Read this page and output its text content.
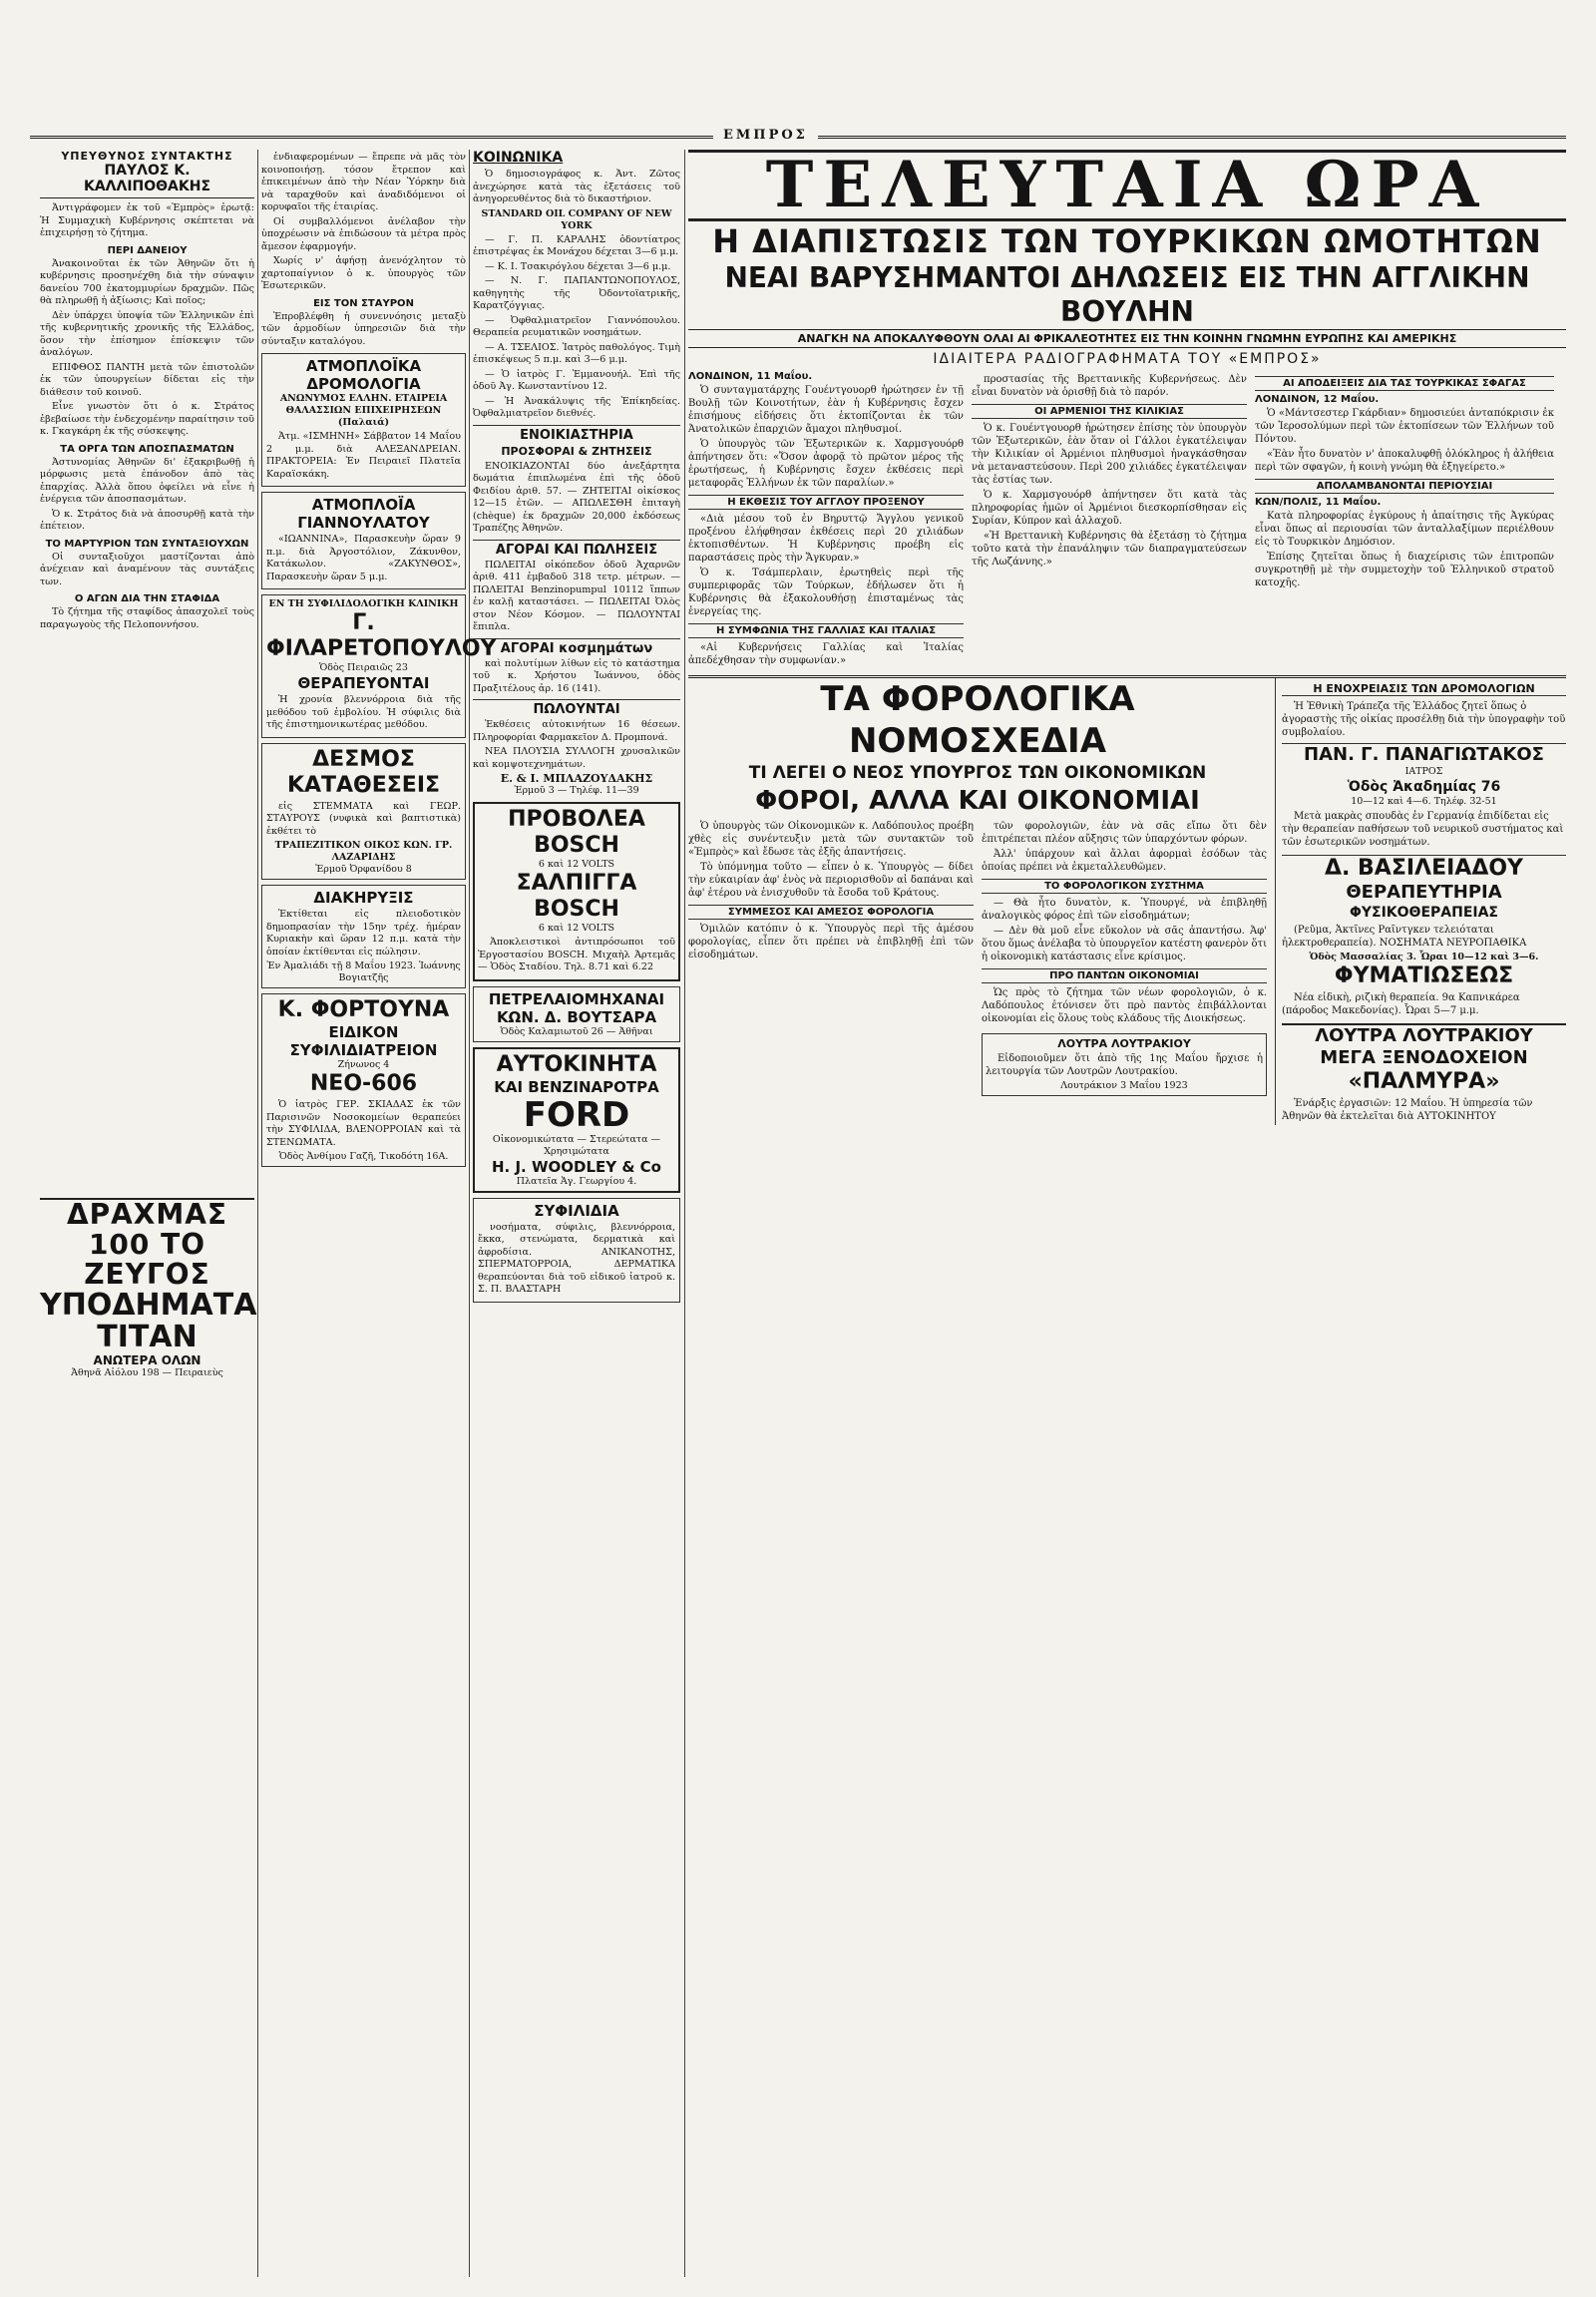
ΕΜΠΡΟΣ
ΥΠΕΥΘΥΝΟΣ ΣΥΝΤΑΚΤΗΣ
ΠΑΥΛΟΣ Κ. ΚΑΛΛΙΠΟΘΑΚΗΣ

Ἀντιγράφομεν ἐκ τοῦ «Ἐμπρὸς» ἐρωτᾷ: Ἡ Συμμαχικὴ Κυβέρνησις σκέπτεται νὰ ἐπιχειρήσῃ τὸ ζήτημα.

ΠΕΡΙ ΔΑΝΕΙΟΥ

Ἀνακοινοῦται ἐκ τῶν Ἀθηνῶν ὅτι ἡ κυβέρνησις προσηνέχθη διὰ τὴν σύναψιν δανείου 700 ἑκατομμυρίων δραχμῶν. Πῶς θὰ πληρωθῇ ἡ ἀξίωσις; Καὶ ποῖος;

Δὲν ὑπάρχει ὑποψία τῶν Ἑλληνικῶν ἐπὶ τῆς κυβερνητικῆς χρονικῆς τῆς Ἑλλάδος, ὅσον τὴν ἐπίσημον ἐπίσκεψιν τῶν ἀναλόγων.

ΕΠΙΦΘΟΣ ΠΑΝΤΗ μετὰ τῶν ἐπιστολῶν ἐκ τῶν ὑπουργείων δίδεται εἰς τὴν διάθεσιν τοῦ κοινοῦ.

Εἶνε γνωστὸν ὅτι ὁ κ. Στράτος ἐβεβαίωσε τὴν ἐνδεχομένην παραίτησιν τοῦ κ. Γκαγκάρη ἐκ τῆς σύσκεψης.

ΤΑ ΟΡΓΑ ΤΩΝ ΑΠΟΣΠΑΣΜΑΤΩΝ

Ἀστυνομίας Ἀθηνῶν δι' ἐξακριβωθῇ ἡ μόρφωσις μετὰ ἐπάνοδον ἀπὸ τὰς ἐπαρχίας. Ἀλλὰ ὅπου ὀφείλει νὰ εἶνε ἡ ἐνέργεια τῶν ἀποσπασμάτων.

Ὁ κ. Στράτος διὰ νὰ ἀποσυρθῇ κατὰ τὴν ἐπέτειον.

ΤΟ ΜΑΡΤΥΡΙΟΝ ΤΩΝ ΣΥΝΤΑΞΙΟΥΧΩΝ

Οἱ συνταξιοῦχοι μαστίζονται ἀπὸ ἀνέχειαν καὶ ἀναμένουν τὰς συντάξεις των.

Ο ΑΓΩΝ ΔΙΑ ΤΗΝ ΣΤΑΦΙΔΑ

Τὸ ζήτημα τῆς σταφίδος ἀπασχολεῖ τοὺς παραγωγοὺς τῆς Πελοποννήσου.

ΔΡΑΧΜΑΣ 100 ΤΟ ΖΕΥΓΟΣ
ΥΠΟΔΗΜΑΤΑ ΤΙΤΑΝ
ΑΝΩΤΕΡΑ ΟΛΩΝ
Ἀθηνᾶ Αἰόλου 198 — Πειραιεὺς

ἐνδιαφερομένων — ἔπρεπε νὰ μᾶς τὸν κοινοποιήσῃ. τόσον ἔτρεπον καὶ ἐπικειμένων ἀπὸ τὴν Νέαν Ὑόρκην διὰ νὰ ταραχθοῦν καὶ ἀναδιδόμενοι οἱ κορυφαῖοι τῆς ἑταιρίας.

Οἱ συμβαλλόμενοι ἀνέλαβον τὴν ὑποχρέωσιν νὰ ἐπιδώσουν τὰ μέτρα πρὸς ἄμεσον ἐφαρμογήν.

Χωρίς ν' ἀφήσῃ ἀνενόχλητον τὸ χαρτοπαίγνιον ὁ κ. ὑπουργὸς τῶν Ἐσωτερικῶν.

ΕΙΣ ΤΟΝ ΣΤΑΥΡΟΝ

Ἐπροβλέφθη ἡ συνεννόησις μεταξὺ τῶν ἁρμοδίων ὑπηρεσιῶν διὰ τὴν σύνταξιν καταλόγου.

ΑΤΜΟΠΛΟΪΚΑ ΔΡΟΜΟΛΟΓΙΑ
ΑΝΩΝΥΜΟΣ ΕΛΛΗΝ. ΕΤΑΙΡΕΙΑ
ΘΑΛΑΣΣΙΩΝ ΕΠΙΧΕΙΡΗΣΕΩΝ (Παλαιά)

Ἀτμ. «ΙΣΜΗΝΗ» Σάββατον 14 Μαΐου 2 μ.μ. διὰ ΑΛΕΞΑΝΔΡΕΙΑΝ. ΠΡΑΚΤΟΡΕΙΑ: Ἐν Πειραιεῖ Πλατεῖα Καραϊσκάκη.

ΑΤΜΟΠΛΟΪΑ ΓΙΑΝΝΟΥΛΑΤΟΥ

«ΙΩΑΝΝΙΝΑ», Παρασκευὴν ὥραν 9 π.μ. διὰ Ἀργοστόλιον, Ζάκυνθον, Κατάκωλον. «ΖΑΚΥΝΘΟΣ», Παρασκευὴν ὥραν 5 μ.μ.

ΕΝ ΤΗ ΣΥΦΙΛΙΔΟΛΟΓΙΚΗ ΚΛΙΝΙΚΗ
Γ. ΦΙΛΑΡΕΤΟΠΟΥΛΟΥ
Ὁδὸς Πειραιῶς 23
ΘΕΡΑΠΕΥΟΝΤΑΙ

Ἡ χρονία βλεννόρροια διὰ τῆς μεθόδου τοῦ ἐμβολίου. Ἡ σύφιλις διὰ τῆς ἐπιστημονικωτέρας μεθόδου.

ΔΕΣΜΟΣ ΚΑΤΑΘΕΣΕΙΣ

εἰς ΣΤΕΜΜΑΤΑ καὶ ΓΕΩΡ. ΣΤΑΥΡΟΥΣ (νυφικὰ καὶ βαπτιστικὰ) ἐκθέτει τὸ

ΤΡΑΠΕΖΙΤΙΚΟΝ ΟΙΚΟΣ ΚΩΝ. ΓΡ. ΛΑΖΑΡΙΔΗΣ
Ἐρμοῦ Ὀρφανίδου 8
ΔΙΑΚΗΡΥΞΙΣ

Ἐκτίθεται εἰς πλειοδοτικὸν δημοπρασίαν τὴν 15ην τρέχ. ἡμέραν Κυριακὴν καὶ ὥραν 12 π.μ. κατὰ τὴν ὁποίαν ἐκτίθενται εἰς πώλησιν.

Ἐν Ἀμαλιάδι τῇ 8 Μαΐου 1923. Ἰωάννης Βογιατζῆς
Κ. ΦΟΡΤΟΥΝΑ
ΕΙΔΙΚΟΝ ΣΥΦΙΛΙΔΙΑΤΡΕΙΟΝ
Ζήνωνος 4
ΝΕΟ-606

Ὁ ἰατρὸς ΓΕΡ. ΣΚΙΑΔΑΣ ἐκ τῶν Παρισινῶν Νοσοκομείων θεραπεύει τὴν ΣΥΦΙΛΙΔΑ, ΒΛΕΝΟΡΡΟΙΑΝ καὶ τὰ ΣΤΕΝΩΜΑΤΑ.

Ὁδὸς Ἀνθίμου Γαζῆ, Τικοδότη 16Α.
ΚΟΙΝΩΝΙΚΑ

Ὁ δημοσιογράφος κ. Ἀντ. Ζῶτος ἀνεχώρησε κατὰ τὰς ἐξετάσεις τοῦ ἀνηγορευθέντος διὰ τὸ δικαστήριον.

STANDARD OIL COMPANY OF NEW YORK

— Γ. Π. ΚΑΡΑΛΗΣ ὀδοντίατρος ἐπιστρέψας ἐκ Μονάχου δέχεται 3—6 μ.μ.

— Κ. Ι. Τσακιρόγλου δέχεται 3—6 μ.μ.

— Ν. Γ. ΠΑΠΑΝΤΩΝΟΠΟΥΛΟΣ, καθηγητὴς τῆς Ὀδοντοϊατρικῆς, Καρατζόγγιας.

— Ὀφθαλμιατρεῖον Γιαννόπουλου. Θεραπεία ρευματικῶν νοσημάτων.

— Α. ΤΣΕΛΙΟΣ. Ἰατρὸς παθολόγος. Τιμὴ ἐπισκέψεως 5 π.μ. καὶ 3—6 μ.μ.

— Ὁ ἰατρὸς Γ. Ἐμμανουήλ. Ἐπὶ τῆς ὁδοῦ Ἀγ. Κωνσταντίνου 12.

— Ἡ Ἀνακάλυψις τῆς Ἐπίκηδείας. Ὀφθαλμιατρεῖον διεθνές.

ΕΝΟΙΚΙΑΣΤΗΡΙΑ
ΠΡΟΣΦΟΡΑΙ & ΖΗΤΗΣΕΙΣ

ΕΝΟΙΚΙΑΖΟΝΤΑΙ δύο ἀνεξάρτητα δωμάτια ἐπιπλωμένα ἐπὶ τῆς ὁδοῦ Φειδίου ἀριθ. 57. — ΖΗΤΕΙΤΑΙ οἰκίσκος 12—15 ἐτῶν. — ΑΠΩΛΕΣΘΗ ἐπιταγὴ (chèque) ἐκ δραχμῶν 20,000 ἐκδόσεως Τραπέζης Ἀθηνῶν.

ΑΓΟΡΑΙ ΚΑΙ ΠΩΛΗΣΕΙΣ

ΠΩΛΕΙΤΑΙ οἰκόπεδον ὁδοῦ Ἀχαρνῶν ἀριθ. 411 ἐμβαδοῦ 318 τετρ. μέτρων. — ΠΩΛΕΙΤΑΙ Benzinopumpul 10112 ἵππων ἐν καλῇ καταστάσει. — ΠΩΛΕΙΤΑΙ Ὀλὸς στον Νέον Κόσμον. — ΠΩΛΟΥΝΤΑΙ ἔπιπλα.

ΑΓΟΡΑΙ κοσμημάτων

καὶ πολυτίμων λίθων εἰς τὸ κατάστημα τοῦ κ. Χρήστου Ἰωάννου, ὁδὸς Πραξιτέλους ἀρ. 16 (141).

ΠΩΛΟΥΝΤΑΙ

Ἐκθέσεις αὐτοκινήτων 16 θέσεων. Πληροφορίαι Φαρμακεῖον Δ. Προμπονά.

ΝΕΑ ΠΛΟΥΣΙΑ ΣΥΛΛΟΓΗ χρυσαλικῶν καὶ κομψοτεχνημάτων.

Ε. & Ι. ΜΠΛΑΖΟΥΔΑΚΗΣ
Ἐρμοῦ 3 — Τηλέφ. 11—39
ΠΡΟΒΟΛΕΑ BOSCH
6 καὶ 12 VOLTS
ΣΑΛΠΙΓΓΑ BOSCH
6 καὶ 12 VOLTS

Ἀποκλειστικοὶ ἀντιπρόσωποι τοῦ Ἐργοστασίου BOSCH. Μιχαὴλ Ἀρτεμᾶς — Ὁδὸς Σταδίου. Τηλ. 8.71 καὶ 6.22

ΠΕΤΡΕΛΑΙΟΜΗΧΑΝΑΙ
ΚΩΝ. Δ. ΒΟΥΤΣΑΡΑ
Ὁδὸς Καλαμιωτοῦ 26 — Ἀθῆναι
ΑΥΤΟΚΙΝΗΤΑ
ΚΑΙ ΒΕΝΖΙΝΑΡΟΤΡΑ
FORD
Οἰκονομικώτατα — Στερεώτατα — Χρησιμώτατα
H. J. WOODLEY & Co
Πλατεῖα Ἁγ. Γεωργίου 4.
ΣΥΦΙΛΙΔΙΑ

νοσήματα, σύφιλις, βλεννόρροια, ἔκκα, στενώματα, δερματικὰ καὶ ἀφροδίσια. ΑΝΙΚΑΝΟΤΗΣ, ΣΠΕΡΜΑΤΟΡΡΟΙΑ, ΔΕΡΜΑΤΙΚΑ θεραπεύονται διὰ τοῦ εἰδικοῦ ἰατροῦ κ. Σ. Π. ΒΛΑΣΤΑΡΗ

ΤΕΛΕΥΤΑΙΑ ΩΡΑ
Η ΔΙΑΠΙΣΤΩΣΙΣ ΤΩΝ ΤΟΥΡΚΙΚΩΝ ΩΜΟΤΗΤΩΝ
ΝΕΑΙ ΒΑΡΥΣΗΜΑΝΤΟΙ ΔΗΛΩΣΕΙΣ ΕΙΣ ΤΗΝ ΑΓΓΛΙΚΗΝ ΒΟΥΛΗΝ
ΑΝΑΓΚΗ ΝΑ ΑΠΟΚΑΛΥΦΘΟΥΝ ΟΛΑΙ ΑΙ ΦΡΙΚΑΛΕΟΤΗΤΕΣ ΕΙΣ ΤΗΝ ΚΟΙΝΗΝ ΓΝΩΜΗΝ ΕΥΡΩΠΗΣ ΚΑΙ ΑΜΕΡΙΚΗΣ
ΙΔΙΑΙΤΕΡΑ ΡΑΔΙΟΓΡΑΦΗΜΑΤΑ ΤΟΥ «ΕΜΠΡΟΣ»
ΛΟΝΔΙΝΟΝ, 11 Μαΐου.

Ὁ συνταγματάρχης Γουέντγουορθ ἠρώτησεν ἐν τῇ Βουλῇ τῶν Κοινοτήτων, ἐὰν ἡ Κυβέρνησις ἔσχεν ἐπισήμους εἰδήσεις ὅτι ἐκτοπίζονται ἐκ τῶν Ἀνατολικῶν ἐπαρχιῶν ἄμαχοι πληθυσμοί.

Ὁ ὑπουργὸς τῶν Ἐξωτερικῶν κ. Χαρμσγουόρθ ἀπήντησεν ὅτι: «Ὅσον ἀφορᾷ τὸ πρῶτον μέρος τῆς ἐρωτήσεως, ἡ Κυβέρνησις ἔσχεν ἐκθέσεις περὶ μεταφορᾶς Ἑλλήνων ἐκ τῶν παραλίων.»

Η ΕΚΘΕΣΙΣ ΤΟΥ ΑΓΓΛΟΥ ΠΡΟΞΕΝΟΥ

«Διὰ μέσου τοῦ ἐν Βηρυττῷ Ἄγγλου γενικοῦ προξένου ἐλήφθησαν ἐκθέσεις περὶ 20 χιλιάδων ἐκτοπισθέντων. Ἡ Κυβέρνησις προέβη εἰς παραστάσεις πρὸς τὴν Ἄγκυραν.»

Ὁ κ. Τσάμπερλαιν, ἐρωτηθεὶς περὶ τῆς συμπεριφορᾶς τῶν Τούρκων, ἐδήλωσεν ὅτι ἡ Κυβέρνησις θὰ ἐξακολουθήσῃ ἐπισταμένως τὰς ἐνεργείας της.

Η ΣΥΜΦΩΝΙΑ ΤΗΣ ΓΑΛΛΙΑΣ ΚΑΙ ΙΤΑΛΙΑΣ

«Αἱ Κυβερνήσεις Γαλλίας καὶ Ἰταλίας ἀπεδέχθησαν τὴν συμφωνίαν.»

προστασίας τῆς Βρεττανικῆς Κυβερνήσεως. Δὲν εἶναι δυνατὸν νὰ ὁρισθῇ διὰ τὸ παρόν.

ΟΙ ΑΡΜΕΝΙΟΙ ΤΗΣ ΚΙΛΙΚΙΑΣ

Ὁ κ. Γουέντγουορθ ἠρώτησεν ἐπίσης τὸν ὑπουργὸν τῶν Ἐξωτερικῶν, ἐὰν ὅταν οἱ Γάλλοι ἐγκατέλειψαν τὴν Κιλικίαν οἱ Ἀρμένιοι πληθυσμοὶ ἠναγκάσθησαν νὰ μεταναστεύσουν. Περὶ 200 χιλιάδες ἐγκατέλειψαν τὰς ἑστίας των.

Ὁ κ. Χαρμσγουόρθ ἀπήντησεν ὅτι κατὰ τὰς πληροφορίας ἡμῶν οἱ Ἀρμένιοι διεσκορπίσθησαν εἰς Συρίαν, Κύπρον καὶ ἀλλαχοῦ.

«Ἡ Βρεττανικὴ Κυβέρνησις θὰ ἐξετάσῃ τὸ ζήτημα τοῦτο κατὰ τὴν ἐπανάληψιν τῶν διαπραγματεύσεων τῆς Λωζάννης.»

ΑΙ ΑΠΟΔΕΙΞΕΙΣ ΔΙΑ ΤΑΣ ΤΟΥΡΚΙΚΑΣ ΣΦΑΓΑΣ
ΛΟΝΔΙΝΟΝ, 12 Μαΐου.

Ὁ «Μάντσεστερ Γκάρδιαν» δημοσιεύει ἀνταπόκρισιν ἐκ τῶν Ἱεροσολύμων περὶ τῶν ἐκτοπίσεων τῶν Ἑλλήνων τοῦ Πόντου.

«Ἐὰν ἦτο δυνατὸν ν' ἀποκαλυφθῇ ὁλόκληρος ἡ ἀλήθεια περὶ τῶν σφαγῶν, ἡ κοινὴ γνώμη θὰ ἐξηγείρετο.»

ΑΠΟΛΑΜΒΑΝΟΝΤΑΙ ΠΕΡΙΟΥΣΙΑΙ
ΚΩΝ/ΠΟΛΙΣ, 11 Μαΐου.

Κατὰ πληροφορίας ἐγκύρους ἡ ἀπαίτησις τῆς Ἀγκύρας εἶναι ὅπως αἱ περιουσίαι τῶν ἀνταλλαξίμων περιέλθουν εἰς τὸ Τουρκικὸν Δημόσιον.

Ἐπίσης ζητεῖται ὅπως ἡ διαχείρισις τῶν ἐπιτροπῶν συγκροτηθῇ μὲ τὴν συμμετοχὴν τοῦ Ἑλληνικοῦ στρατοῦ κατοχῆς.

ΤΑ ΦΟΡΟΛΟΓΙΚΑ ΝΟΜΟΣΧΕΔΙΑ
ΤΙ ΛΕΓΕΙ Ο ΝΕΟΣ ΥΠΟΥΡΓΟΣ ΤΩΝ ΟΙΚΟΝΟΜΙΚΩΝ
ΦΟΡΟΙ, ΑΛΛΑ ΚΑΙ ΟΙΚΟΝΟΜΙΑΙ

Ὁ ὑπουργὸς τῶν Οἰκονομικῶν κ. Λαδόπουλος προέβη χθὲς εἰς συνέντευξιν μετὰ τῶν συντακτῶν τοῦ «Ἐμπρὸς» καὶ ἔδωσε τὰς ἐξῆς ἀπαντήσεις.

Τὸ ὑπόμνημα τοῦτο — εἶπεν ὁ κ. Ὑπουργὸς — δίδει τὴν εὐκαιρίαν ἀφ' ἑνὸς νὰ περιορισθοῦν αἱ δαπάναι καὶ ἀφ' ἑτέρου νὰ ἐνισχυθοῦν τὰ ἔσοδα τοῦ Κράτους.

ΣΥΜΜΕΣΟΣ ΚΑΙ ΑΜΕΣΟΣ ΦΟΡΟΛΟΓΙΑ

Ὁμιλῶν κατόπιν ὁ κ. Ὑπουργὸς περὶ τῆς ἀμέσου φορολογίας, εἶπεν ὅτι πρέπει νὰ ἐπιβληθῇ ἐπὶ τῶν εἰσοδημάτων.

τῶν φορολογιῶν, ἐὰν νὰ σᾶς εἴπω ὅτι δὲν ἐπιτρέπεται πλέον αὔξησις τῶν ὑπαρχόντων φόρων.

Ἀλλ' ὑπάρχουν καὶ ἄλλαι ἀφορμαὶ ἐσόδων τὰς ὁποίας πρέπει νὰ ἐκμεταλλευθῶμεν.

ΤΟ ΦΟΡΟΛΟΓΙΚΟΝ ΣΥΣΤΗΜΑ

— Θὰ ἦτο δυνατὸν, κ. Ὑπουργέ, νὰ ἐπιβληθῇ ἀναλογικὸς φόρος ἐπὶ τῶν εἰσοδημάτων;

— Δὲν θὰ μοῦ εἶνε εὔκολον νὰ σᾶς ἀπαντήσω. Ἀφ' ὅτου ὅμως ἀνέλαβα τὸ ὑπουργεῖον κατέστη φανερὸν ὅτι ἡ οἰκονομικὴ κατάστασις εἶνε κρίσιμος.

ΠΡΟ ΠΑΝΤΩΝ ΟΙΚΟΝΟΜΙΑΙ

Ὡς πρὸς τὸ ζήτημα τῶν νέων φορολογιῶν, ὁ κ. Λαδόπουλος ἐτόνισεν ὅτι πρὸ παντὸς ἐπιβάλλονται οἰκονομίαι εἰς ὅλους τοὺς κλάδους τῆς Διοικήσεως.

ΛΟΥΤΡΑ ΛΟΥΤΡΑΚΙΟΥ

Εἰδοποιοῦμεν ὅτι ἀπὸ τῆς 1ης Μαΐου ἤρχισε ἡ λειτουργία τῶν Λουτρῶν Λουτρακίου.

Λουτράκιον 3 Μαΐου 1923
Η ΕΝΟΧΡΕΙΑΣΙΣ ΤΩΝ ΔΡΟΜΟΛΟΓΙΩΝ

Ἡ Ἐθνικὴ Τράπεζα τῆς Ἑλλάδος ζητεῖ ὅπως ὁ ἀγοραστὴς τῆς οἰκίας προσέλθῃ διὰ τὴν ὑπογραφὴν τοῦ συμβολαίου.

ΠΑΝ. Γ. ΠΑΝΑΓΙΩΤΑΚΟΣ
ΙΑΤΡΟΣ
Ὁδὸς Ἀκαδημίας 76
10—12 καὶ 4—6. Τηλέφ. 32-51

Μετὰ μακρὰς σπουδὰς ἐν Γερμανίᾳ ἐπιδίδεται εἰς τὴν θεραπείαν παθήσεων τοῦ νευρικοῦ συστήματος καὶ τῶν ἐσωτερικῶν νοσημάτων.

Δ. ΒΑΣΙΛΕΙΑΔΟΥ
ΘΕΡΑΠΕΥΤΗΡΙΑ
ΦΥΣΙΚΟΘΕΡΑΠΕΙΑΣ

(Ρεῦμα, Ἀκτῖνες Ραῖντγκεν τελειόταται ἠλεκτροθεραπεία). ΝΟΣΗΜΑΤΑ ΝΕΥΡΟΠΑΘΙΚΑ

Ὁδὸς Μασσαλίας 3. Ὧραι 10—12 καὶ 3—6.
ΦΥΜΑΤΙΩΣΕΩΣ

Νέα εἰδικὴ, ριζικὴ θεραπεία. 9α Καπνικάρεα (πάροδος Μακεδονίας). Ὧραι 5—7 μ.μ.

ΛΟΥΤΡΑ ΛΟΥΤΡΑΚΙΟΥ
ΜΕΓΑ ΞΕΝΟΔΟΧΕΙΟΝ
«ΠΑΛΜΥΡΑ»

Ἐνάρξις ἐργασιῶν: 12 Μαΐου. Ἡ ὑπηρεσία τῶν Ἀθηνῶν θὰ ἐκτελεῖται διὰ ΑΥΤΟΚΙΝΗΤΟΥ
